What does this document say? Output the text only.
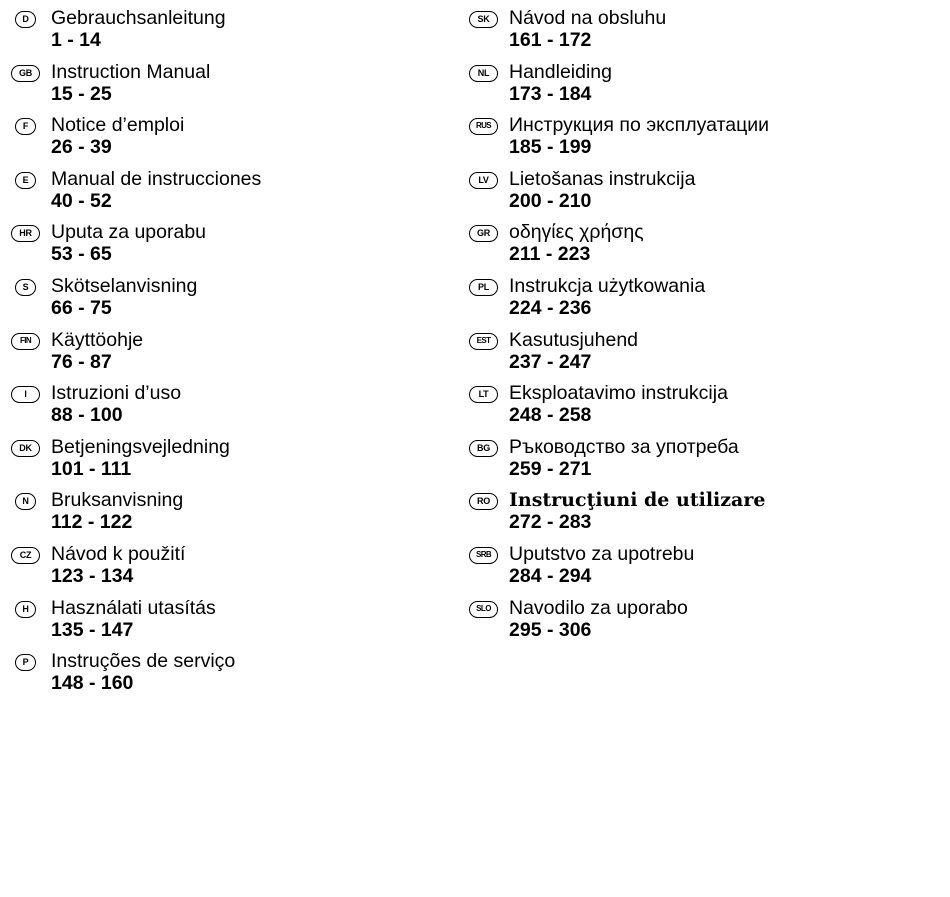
D	Gebrauchsanleitung
1 - 14
GB Instruction Manual
15 - 25
F	Notice d’emploi
26 - 39
E	Manual de instrucciones
40 - 52
HR Uputa za uporabu
53 - 65
S	Skötselanvisning
66 - 75
FIN	Käyttöohje
76 - 87
I	Istruzioni d’uso
88 - 100
DK Betjeningsvejledning
101 - 111
N	Bruksanvisning
112 - 122
CZ	Návod k použití
123 - 134
H	Használati utasítás
135 - 147
P	Instruções de serviço
148 - 160
SK	Návod na obsluhu
161 - 172
NL	Handleiding
173 - 184
RUS Инструкция по эксплуатации
185 - 199
LV	Lietošanas instrukcija
200 - 210
GR οδηγίες χρήσης
211 - 223
PL	Instrukcja użytkowania
224 - 236
EST Kasutusjuhend
237 - 247
LT	Eksploatavimo instrukcija
248 - 258
BG Ръководство за употреба
259 - 271
RO	Instrucţiuni de utilizare
272 - 283
SRB Uputstvo za upotrebu
284 - 294
SLO Navodilo za uporabo
295 - 306
